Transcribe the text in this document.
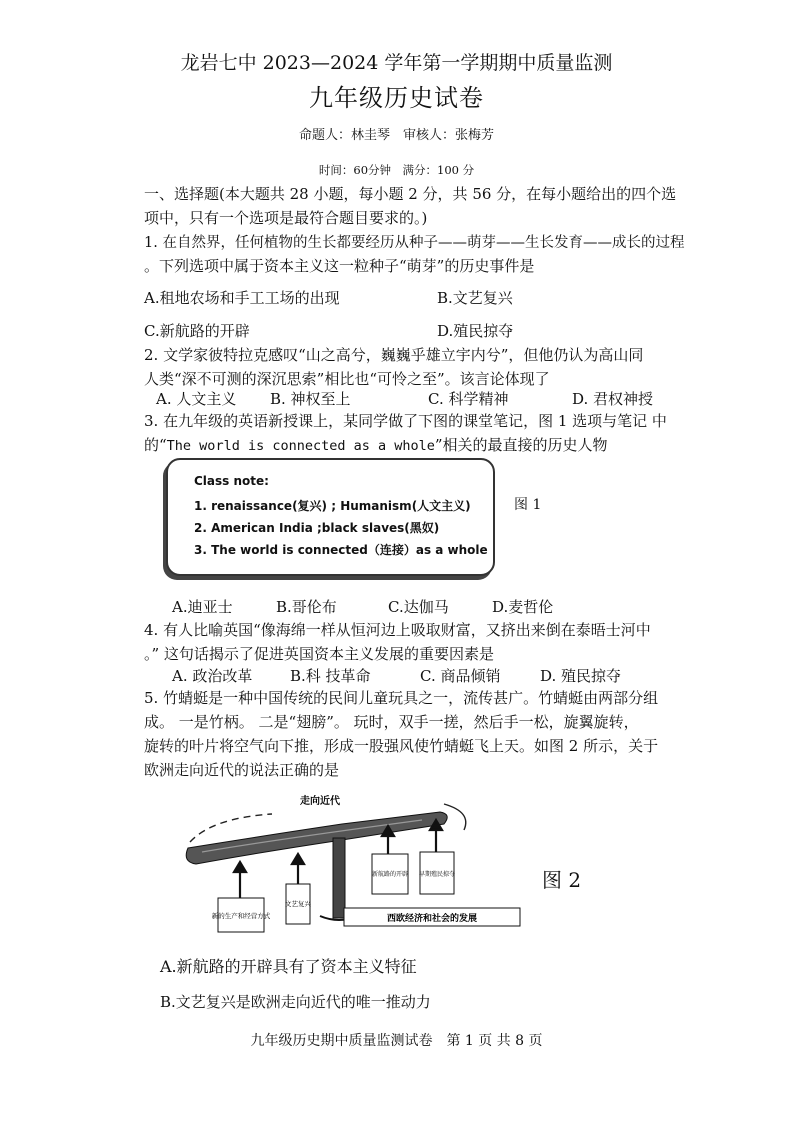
龙岩七中 2023—2024 学年第一学期期中质量监测
九年级历史试卷
命题人：林圭琴　审核人：张梅芳
时间：60分钟　满分：100 分
一、选择题(本大题共 28 小题，每小题 2 分，共 56 分，在每小题给出的四个选
项中，只有一个选项是最符合题目要求的。)
1. 在自然界，任何植物的生长都要经历从种子——萌芽——生长发育——成长的过程
。下列选项中属于资本主义这一粒种子“萌芽”的历史事件是
A.租地农场和手工工场的出现	B.文艺复兴
C.新航路的开辟	D.殖民掠夺
2. 文学家彼特拉克感叹“山之高兮，巍巍乎雄立宇内兮”，但他仍认为高山同
人类“深不可测的深沉思索”相比也“可怜之至”。该言论体现了
A. 人文主义 B. 神权至上	C. 科学精神	D. 君权神授
3. 在九年级的英语新授课上，某同学做了下图的课堂笔记，图 1 选项与笔记 中
的“The world is connected as a whole”相关的最直接的历史人物
Class note:
1. renaissance(复兴) ; Humanism(人文主义)
2. American India ;black slaves(黑奴)
3. The world is connected（连接）as a whole
图 1
A.迪亚士	B.哥伦布	C.达伽马	D.麦哲伦
4. 有人比喻英国“像海绵一样从恒河边上吸取财富，又挤出来倒在泰晤士河中
。” 这句话揭示了促进英国资本主义发展的重要因素是
A. 政治改革	B.科 技革命	C. 商品倾销	D. 殖民掠夺
5. 竹蜻蜓是一种中国传统的民间儿童玩具之一，流传甚广。竹蜻蜓由两部分组
成。 一是竹柄。 二是“翅膀”。 玩时，双手一搓，然后手一松，旋翼旋转，
旋转的叶片将空气向下推，形成一股强风使竹蜻蜓飞上天。如图 2 所示，关于
欧洲走向近代的说法正确的是
走向近代
新的生产和经营方式
文艺复兴
新航路的开辟 早期殖民掠夺
西欧经济和社会的发展
图 2
A.新航路的开辟具有了资本主义特征
B.文艺复兴是欧洲走向近代的唯一推动力
九年级历史期中质量监测试卷　第 1 页 共 8 页
